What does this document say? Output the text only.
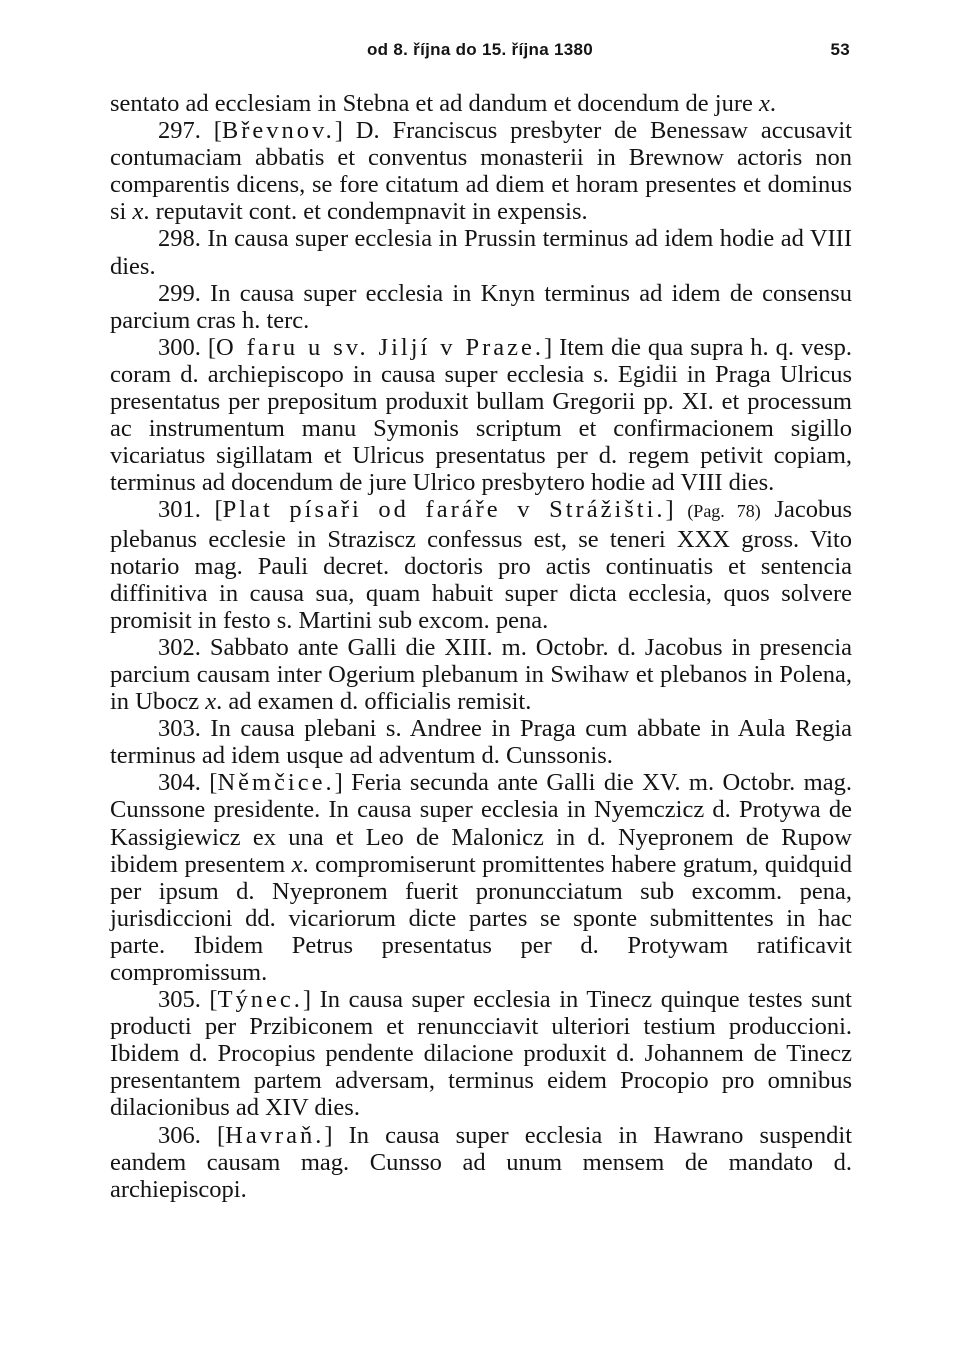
od 8. října do 15. října 1380	53

sentato ad ecclesiam in Stebna et ad dandum et docendum de jure x.

297. [Břevnov.] D. Franciscus presbyter de Benessaw accusavit contumaciam abbatis et conventus monasterii in Brewnow actoris non comparentis dicens, se fore citatum ad diem et horam presentes et dominus si x. reputavit cont. et condempnavit in expensis.

298. In causa super ecclesia in Prussin terminus ad idem hodie ad VIII dies.

299. In causa super ecclesia in Knyn terminus ad idem de consensu parcium cras h. terc.

300. [O faru u sv. Jiljí v Praze.] Item die qua supra h. q. vesp. coram d. archiepiscopo in causa super ecclesia s. Egidii in Praga Ulricus presentatus per prepositum produxit bullam Gregorii pp. XI. et processum ac instrumentum manu Symonis scriptum et confirmacionem sigillo vicariatus sigillatam et Ulricus presentatus per d. regem petivit copiam, terminus ad docendum de jure Ulrico presbytero hodie ad VIII dies.

301. [Plat písaři od faráře v Strážišti.] (Pag. 78) Jacobus plebanus ecclesie in Straziscz confessus est, se teneri XXX gross. Vito notario mag. Pauli decret. doctoris pro actis continuatis et sentencia diffinitiva in causa sua, quam habuit super dicta ecclesia, quos solvere promisit in festo s. Martini sub excom. pena.

302. Sabbato ante Galli die XIII. m. Octobr. d. Jacobus in presencia parcium causam inter Ogerium plebanum in Swihaw et plebanos in Polena, in Ubocz x. ad examen d. officialis remisit.

303. In causa plebani s. Andree in Praga cum abbate in Aula Regia terminus ad idem usque ad adventum d. Cunssonis.

304. [Němčice.] Feria secunda ante Galli die XV. m. Octobr. mag. Cunssone presidente. In causa super ecclesia in Nyemczicz d. Protywa de Kassigiewicz ex una et Leo de Malonicz in d. Nyepronem de Rupow ibidem presentem x. compromiserunt promittentes habere gratum, quidquid per ipsum d. Nyepronem fuerit pronuncciatum sub excomm. pena, jurisdiccioni dd. vicariorum dicte partes se sponte submittentes in hac parte. Ibidem Petrus presentatus per d. Protywam ratificavit compromissum.

305. [Týnec.] In causa super ecclesia in Tinecz quinque testes sunt producti per Przibiconem et renuncciavit ulteriori testium produccioni. Ibidem d. Procopius pendente dilacione produxit d. Johannem de Tinecz presentantem partem adversam, terminus eidem Procopio pro omnibus dilacionibus ad XIV dies.

306. [Havraň.] In causa super ecclesia in Hawrano suspendit eandem causam mag. Cunsso ad unum mensem de mandato d. archiepiscopi.
